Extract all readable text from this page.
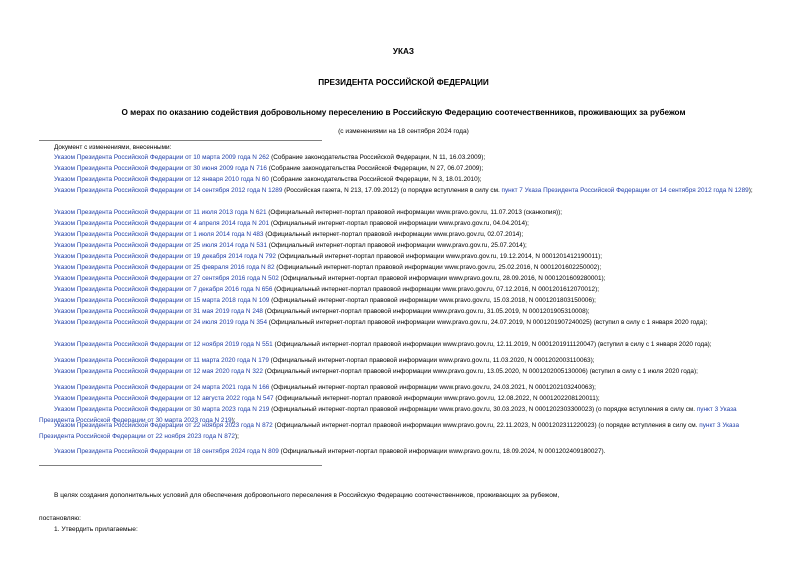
УКАЗ
ПРЕЗИДЕНТА РОССИЙСКОЙ ФЕДЕРАЦИИ
О мерах по оказанию содействия добровольному переселению в Российскую Федерацию соотечественников, проживающих за рубежом
(с изменениями на 18 сентября 2024 года)
Документ с изменениями, внесенными:
Указом Президента Российской Федерации от 10 марта 2009 года N 262 (Собрание законодательства Российской Федерации, N 11, 16.03.2009);
Указом Президента Российской Федерации от 30 июня 2009 года N 716 (Собрание законодательства Российской Федерации, N 27, 06.07.2009);
Указом Президента Российской Федерации от 12 января 2010 года N 60 (Собрание законодательства Российской Федерации, N 3, 18.01.2010);
Указом Президента Российской Федерации от 14 сентября 2012 года N 1289 (Российская газета, N 213, 17.09.2012) (о порядке вступления в силу см. пункт 7 Указа Президента Российской Федерации от 14 сентября 2012 года N 1289);
Указом Президента Российской Федерации от 11 июля 2013 года N 621 (Официальный интернет-портал правовой информации www.pravo.gov.ru, 11.07.2013 (сканкопия));
Указом Президента Российской Федерации от 4 апреля 2014 года N 201 (Официальный интернет-портал правовой информации www.pravo.gov.ru, 04.04.2014);
Указом Президента Российской Федерации от 1 июля 2014 года N 483 (Официальный интернет-портал правовой информации www.pravo.gov.ru, 02.07.2014);
Указом Президента Российской Федерации от 25 июля 2014 года N 531 (Официальный интернет-портал правовой информации www.pravo.gov.ru, 25.07.2014);
Указом Президента Российской Федерации от 19 декабря 2014 года N 792 (Официальный интернет-портал правовой информации www.pravo.gov.ru, 19.12.2014, N 0001201412190011);
Указом Президента Российской Федерации от 25 февраля 2016 года N 82 (Официальный интернет-портал правовой информации www.pravo.gov.ru, 25.02.2016, N 0001201602250002);
Указом Президента Российской Федерации от 27 сентября 2016 года N 502 (Официальный интернет-портал правовой информации www.pravo.gov.ru, 28.09.2016, N 0001201609280001);
Указом Президента Российской Федерации от 7 декабря 2016 года N 656 (Официальный интернет-портал правовой информации www.pravo.gov.ru, 07.12.2016, N 0001201612070012);
Указом Президента Российской Федерации от 15 марта 2018 года N 109 (Официальный интернет-портал правовой информации www.pravo.gov.ru, 15.03.2018, N 0001201803150006);
Указом Президента Российской Федерации от 31 мая 2019 года N 248 (Официальный интернет-портал правовой информации www.pravo.gov.ru, 31.05.2019, N 0001201905310008);
Указом Президента Российской Федерации от 24 июля 2019 года N 354 (Официальный интернет-портал правовой информации www.pravo.gov.ru, 24.07.2019, N 0001201907240025) (вступил в силу с 1 января 2020 года);
Указом Президента Российской Федерации от 12 ноября 2019 года N 551 (Официальный интернет-портал правовой информации www.pravo.gov.ru, 12.11.2019, N 0001201911120047) (вступил в силу с 1 января 2020 года);
Указом Президента Российской Федерации от 11 марта 2020 года N 179 (Официальный интернет-портал правовой информации www.pravo.gov.ru, 11.03.2020, N 0001202003110063);
Указом Президента Российской Федерации от 12 мая 2020 года N 322 (Официальный интернет-портал правовой информации www.pravo.gov.ru, 13.05.2020, N 0001202005130006) (вступил в силу с 1 июля 2020 года);
Указом Президента Российской Федерации от 24 марта 2021 года N 166 (Официальный интернет-портал правовой информации www.pravo.gov.ru, 24.03.2021, N 0001202103240063);
Указом Президента Российской Федерации от 12 августа 2022 года N 547 (Официальный интернет-портал правовой информации www.pravo.gov.ru, 12.08.2022, N 0001202208120011);
Указом Президента Российской Федерации от 30 марта 2023 года N 219 (Официальный интернет-портал правовой информации www.pravo.gov.ru, 30.03.2023, N 0001202303300023) (о порядке вступления в силу см. пункт 3 Указа Президента Российской Федерации от 30 марта 2023 года N 219);
Указом Президента Российской Федерации от 22 ноября 2023 года N 872 (Официальный интернет-портал правовой информации www.pravo.gov.ru, 22.11.2023, N 0001202311220023) (о порядке вступления в силу см. пункт 3 Указа Президента Российской Федерации от 22 ноября 2023 года N 872);
Указом Президента Российской Федерации от 18 сентября 2024 года N 809 (Официальный интернет-портал правовой информации www.pravo.gov.ru, 18.09.2024, N 0001202409180027).
В целях создания дополнительных условий для обеспечения добровольного переселения в Российскую Федерацию соотечественников, проживающих за рубежом,
постановляю:
1. Утвердить прилагаемые:
